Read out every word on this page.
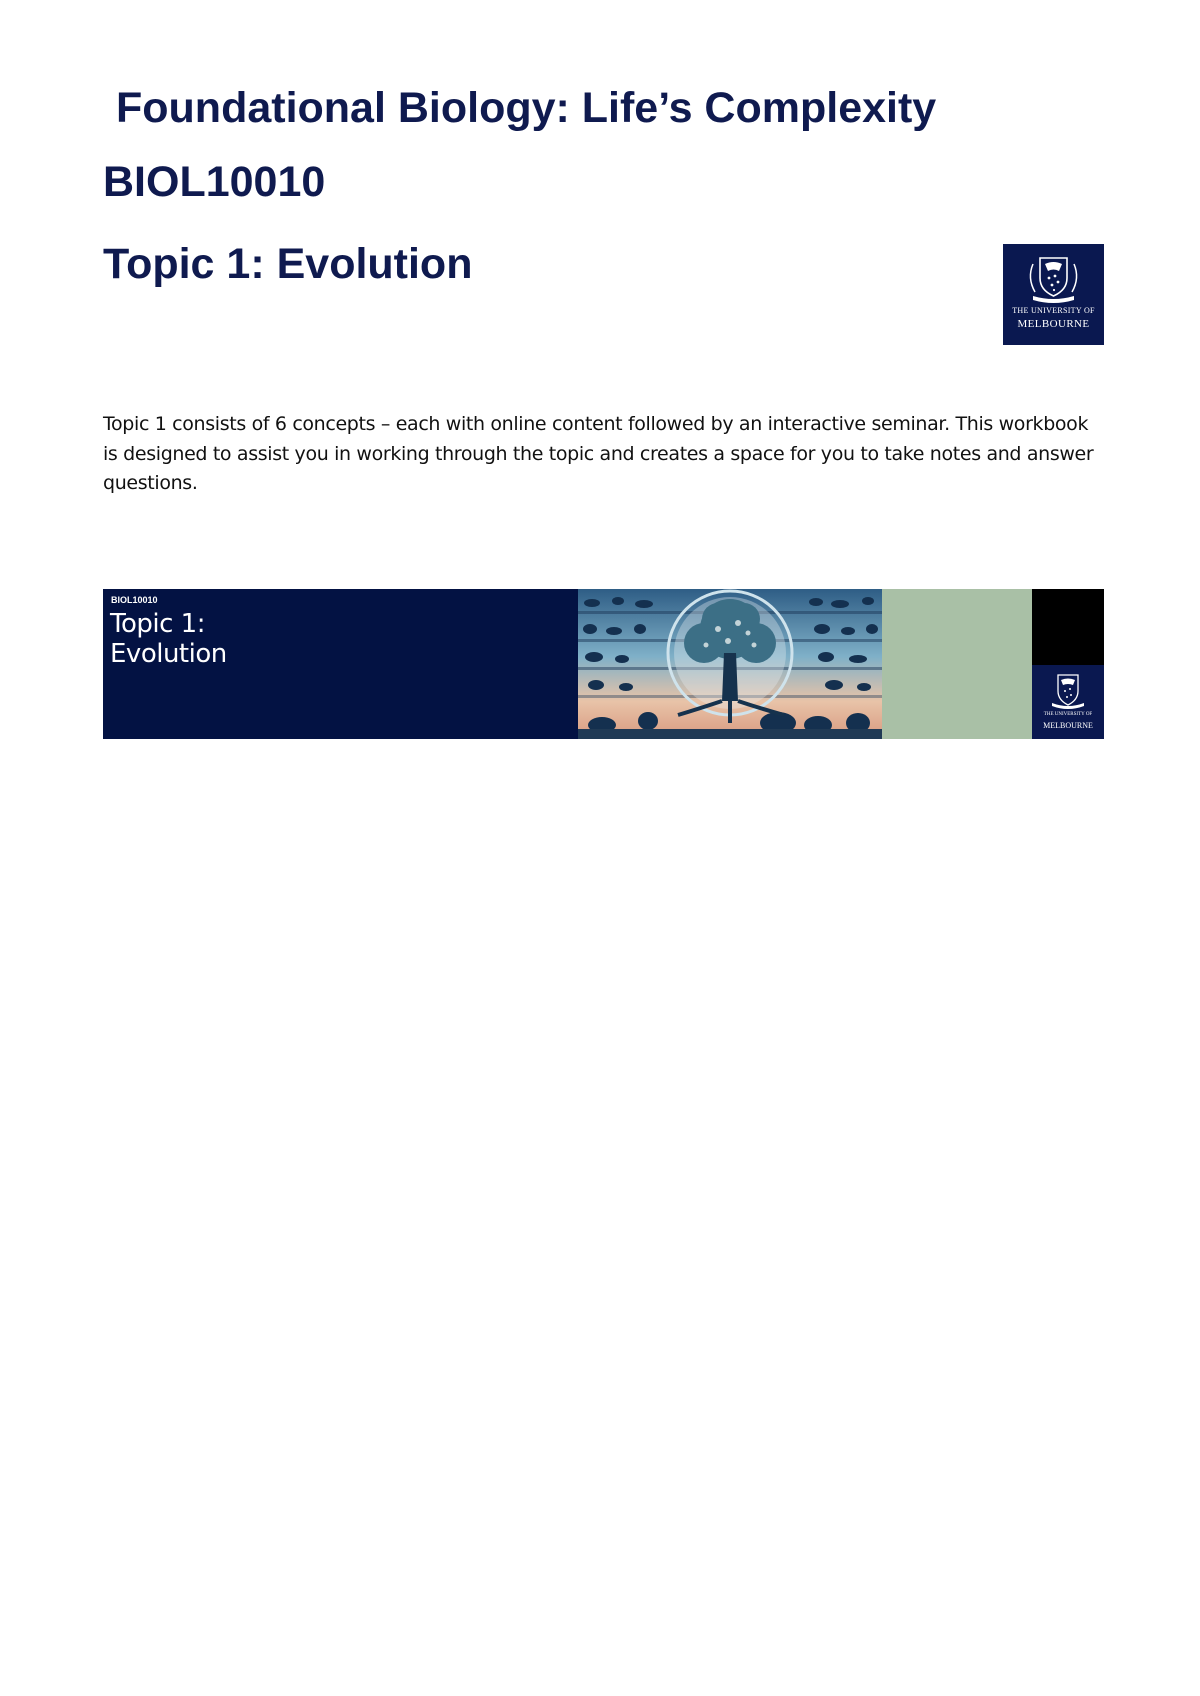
Foundational Biology: Life’s Complexity
BIOL10010
Topic 1: Evolution
THE UNIVERSITY OF
MELBOURNE

Topic 1 consists of 6 concepts – each with online content followed by an interactive seminar. This workbook is designed to assist you in working through the topic and creates a space for you to take notes and answer questions.

BIOL10010
Topic 1:
Evolution
THE UNIVERSITY OF
MELBOURNE
